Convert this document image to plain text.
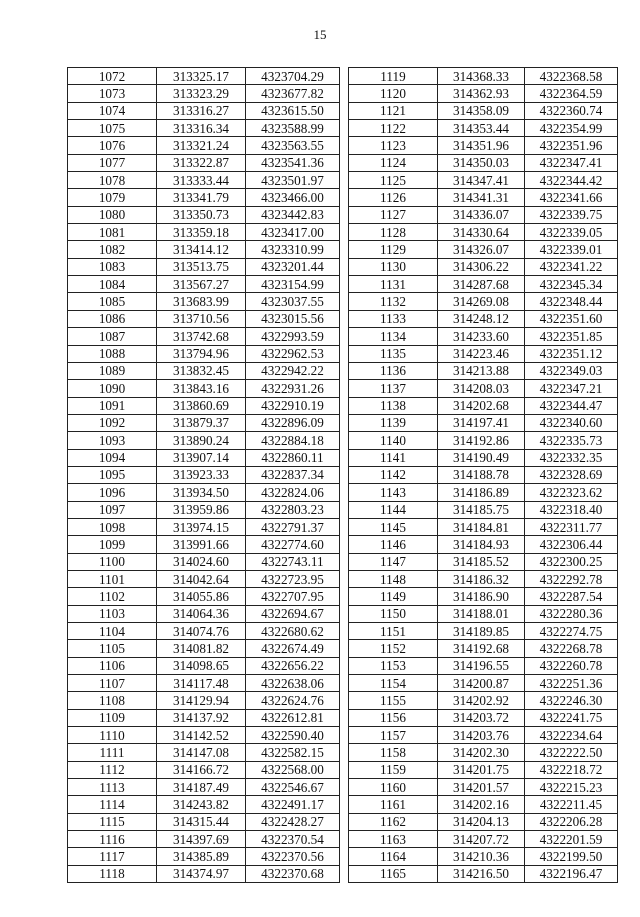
15
1072	313325.17	4323704.29
1073	313323.29	4323677.82
1074	313316.27	4323615.50
1075	313316.34	4323588.99
1076	313321.24	4323563.55
1077	313322.87	4323541.36
1078	313333.44	4323501.97
1079	313341.79	4323466.00
1080	313350.73	4323442.83
1081	313359.18	4323417.00
1082	313414.12	4323310.99
1083	313513.75	4323201.44
1084	313567.27	4323154.99
1085	313683.99	4323037.55
1086	313710.56	4323015.56
1087	313742.68	4322993.59
1088	313794.96	4322962.53
1089	313832.45	4322942.22
1090	313843.16	4322931.26
1091	313860.69	4322910.19
1092	313879.37	4322896.09
1093	313890.24	4322884.18
1094	313907.14	4322860.11
1095	313923.33	4322837.34
1096	313934.50	4322824.06
1097	313959.86	4322803.23
1098	313974.15	4322791.37
1099	313991.66	4322774.60
1100	314024.60	4322743.11
1101	314042.64	4322723.95
1102	314055.86	4322707.95
1103	314064.36	4322694.67
1104	314074.76	4322680.62
1105	314081.82	4322674.49
1106	314098.65	4322656.22
1107	314117.48	4322638.06
1108	314129.94	4322624.76
1109	314137.92	4322612.81
1110	314142.52	4322590.40
1111	314147.08	4322582.15
1112	314166.72	4322568.00
1113	314187.49	4322546.67
1114	314243.82	4322491.17
1115	314315.44	4322428.27
1116	314397.69	4322370.54
1117	314385.89	4322370.56
1118	314374.97	4322370.68
1119	314368.33	4322368.58
1120	314362.93	4322364.59
1121	314358.09	4322360.74
1122	314353.44	4322354.99
1123	314351.96	4322351.96
1124	314350.03	4322347.41
1125	314347.41	4322344.42
1126	314341.31	4322341.66
1127	314336.07	4322339.75
1128	314330.64	4322339.05
1129	314326.07	4322339.01
1130	314306.22	4322341.22
1131	314287.68	4322345.34
1132	314269.08	4322348.44
1133	314248.12	4322351.60
1134	314233.60	4322351.85
1135	314223.46	4322351.12
1136	314213.88	4322349.03
1137	314208.03	4322347.21
1138	314202.68	4322344.47
1139	314197.41	4322340.60
1140	314192.86	4322335.73
1141	314190.49	4322332.35
1142	314188.78	4322328.69
1143	314186.89	4322323.62
1144	314185.75	4322318.40
1145	314184.81	4322311.77
1146	314184.93	4322306.44
1147	314185.52	4322300.25
1148	314186.32	4322292.78
1149	314186.90	4322287.54
1150	314188.01	4322280.36
1151	314189.85	4322274.75
1152	314192.68	4322268.78
1153	314196.55	4322260.78
1154	314200.87	4322251.36
1155	314202.92	4322246.30
1156	314203.72	4322241.75
1157	314203.76	4322234.64
1158	314202.30	4322222.50
1159	314201.75	4322218.72
1160	314201.57	4322215.23
1161	314202.16	4322211.45
1162	314204.13	4322206.28
1163	314207.72	4322201.59
1164	314210.36	4322199.50
1165	314216.50	4322196.47
